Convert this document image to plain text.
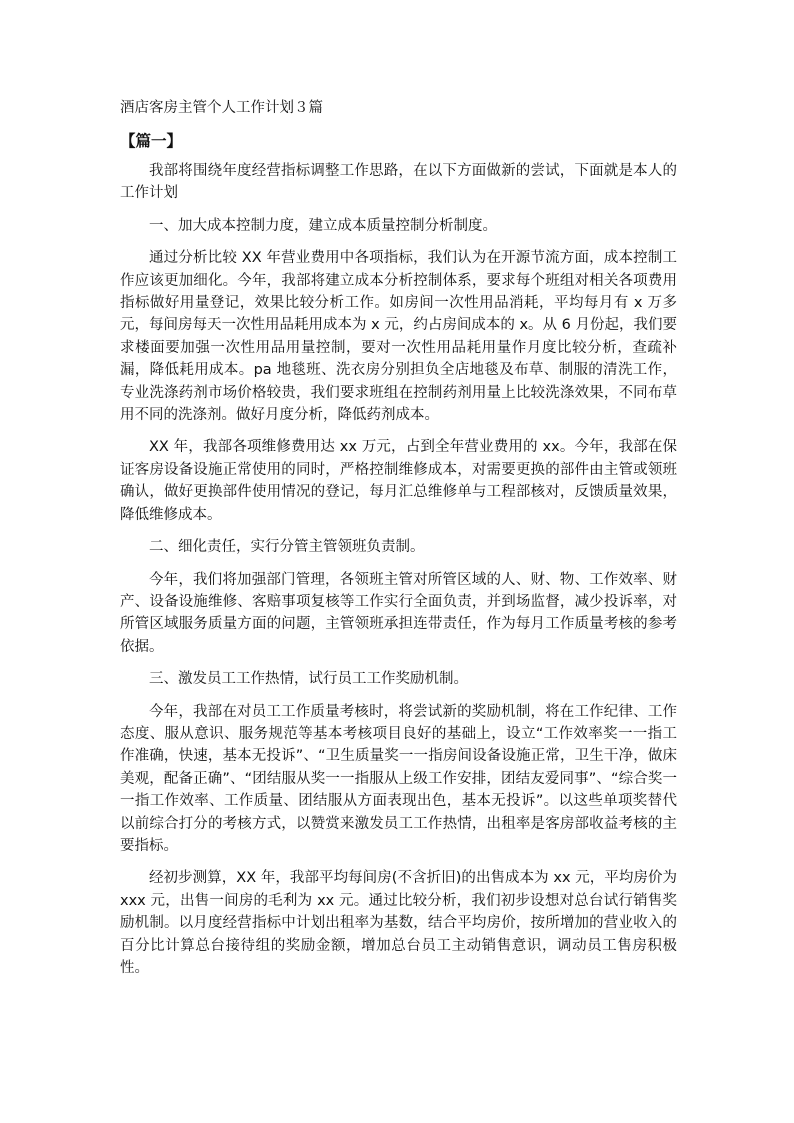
酒店客房主管个人工作计划３篇
【篇一】

我部将围绕年度经营指标调整工作思路，在以下方面做新的尝试，下面就是本人的工作计划

一、加大成本控制力度，建立成本质量控制分析制度。

通过分析比较 XX 年营业费用中各项指标，我们认为在开源节流方面，成本控制工作应该更加细化。今年，我部将建立成本分析控制体系，要求每个班组对相关各项费用指标做好用量登记，效果比较分析工作。如房间一次性用品消耗，平均每月有 x 万多元，每间房每天一次性用品耗用成本为 x 元，约占房间成本的 x。从 6 月份起，我们要求楼面要加强一次性用品用量控制，要对一次性用品耗用量作月度比较分析，查疏补漏，降低耗用成本。pa 地毯班、洗衣房分别担负全店地毯及布草、制服的清洗工作，专业洗涤药剂市场价格较贵，我们要求班组在控制药剂用量上比较洗涤效果，不同布草用不同的洗涤剂。做好月度分析，降低药剂成本。

XX 年，我部各项维修费用达 xx 万元，占到全年营业费用的 xx。今年，我部在保证客房设备设施正常使用的同时，严格控制维修成本，对需要更换的部件由主管或领班确认，做好更换部件使用情况的登记，每月汇总维修单与工程部核对，反馈质量效果，降低维修成本。

二、细化责任，实行分管主管领班负责制。

今年，我们将加强部门管理，各领班主管对所管区域的人、财、物、工作效率、财产、设备设施维修、客赔事项复核等工作实行全面负责，并到场监督，减少投诉率，对所管区域服务质量方面的问题，主管领班承担连带责任，作为每月工作质量考核的参考依据。

三、激发员工工作热情，试行员工工作奖励机制。

今年，我部在对员工工作质量考核时，将尝试新的奖励机制，将在工作纪律、工作态度、服从意识、服务规范等基本考核项目良好的基础上，设立“工作效率奖一一指工作准确，快速，基本无投诉”、“卫生质量奖一一指房间设备设施正常，卫生干净，做床美观，配备正确”、“团结服从奖一一指服从上级工作安排，团结友爱同事”、“综合奖一一指工作效率、工作质量、团结服从方面表现出色，基本无投诉”。以这些单项奖替代以前综合打分的考核方式，以赞赏来激发员工工作热情，出租率是客房部收益考核的主要指标。

经初步测算，XX 年，我部平均每间房(不含折旧)的出售成本为 xx 元，平均房价为 xxx 元，出售一间房的毛利为 xx 元。通过比较分析，我们初步设想对总台试行销售奖励机制。以月度经营指标中计划出租率为基数，结合平均房价，按所增加的营业收入的百分比计算总台接待组的奖励金额，增加总台员工主动销售意识，调动员工售房积极性。
